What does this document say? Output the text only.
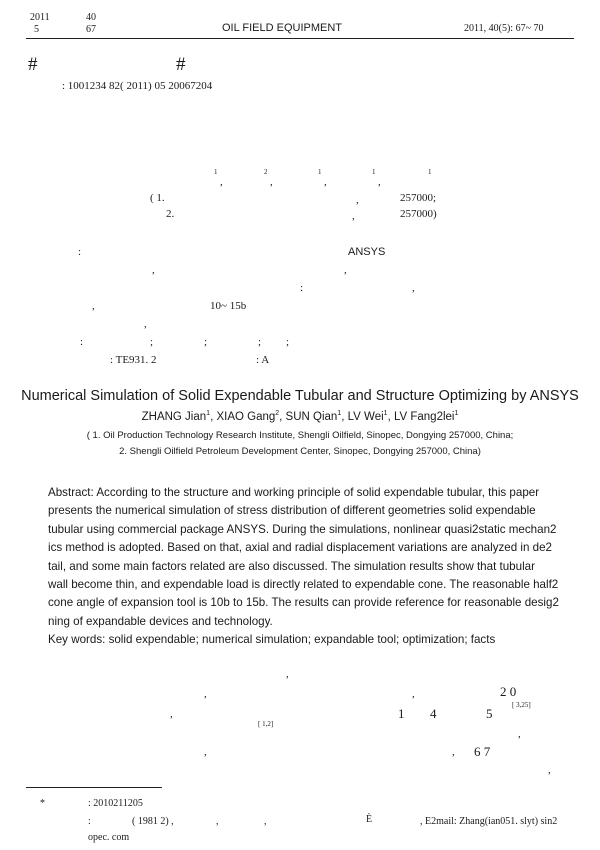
2011	40
5	67	OIL FIELD EQUIPMENT	2011, 40(5): 67~ 70
#	#
: 1001234 82( 2011) 05 20067204
1
,
2
,
1
,
1
,
1
( 1.	,	257000;
2.	,	257000)
:	ANSYS
,	,
:	,
,	10~ 15b
,
:	;	;	; ;
: TE931. 2	: A
Numerical Simulation of Solid Expendable Tubular and Structure Optimizing by ANSYS
ZHANG Jian$^1$, XIAO Gang$^2$, SUN Qian$^1$, LV Wei$^1$, LV Fang2lei$^1$
( 1. Oil Production Technology Research Institute, Shengli Oilfield, Sinopec, Dongying 257000, China;
2. Shengli Oilfield Petroleum Development Center, Sinopec, Dongying 257000, China)
Abstract: According to the structure and working principle of solid expendable tubular, this paper
presents the numerical simulation of stress distribution of different geometries solid expendable
tubular using commercial package ANSYS. During the simulations, nonlinear quasi2static mechan2
ics method is adopted. Based on that, axial and radial displacement variations are analyzed in de2
tail, and some main factors related are also discussed. The simulation results show that tubular
wall become thin, and expendable load is directly related to expendable cone. The reasonable half2
cone angle of expansion tool is 10b to 15b. The results can provide reference for reasonable desig2
ning of expandable devices and technology.
Key words: solid expendable; numerical simulation; expandable tool; optimization; facts
,
,	,	2 0
[ 3,25]
,	1 4	5
[ 1,2]
,
,	, 6 7
,
*	: 2010211205
:	( 1981 2) ,	,	,	È	, E2mail: Zhang(ian051. slyt) sin2
opec. com
